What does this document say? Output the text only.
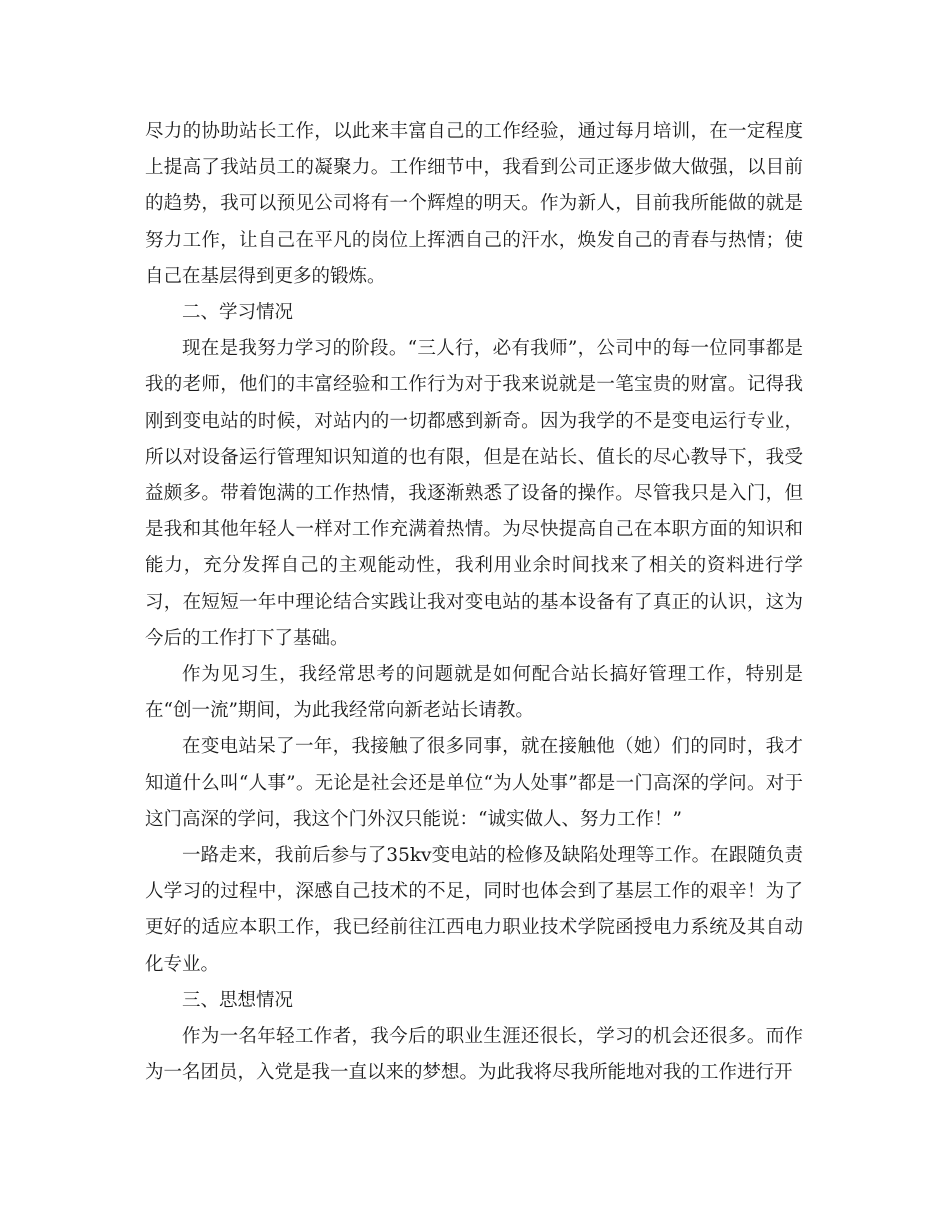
尽力的协助站长工作，以此来丰富自己的工作经验，通过每月培训，在一定程度上提高了我站员工的凝聚力。工作细节中，我看到公司正逐步做大做强，以目前的趋势，我可以预见公司将有一个辉煌的明天。作为新人，目前我所能做的就是努力工作，让自己在平凡的岗位上挥洒自己的汗水，焕发自己的青春与热情；使自己在基层得到更多的锻炼。

二、学习情况

现在是我努力学习的阶段。“三人行，必有我师”，公司中的每一位同事都是我的老师，他们的丰富经验和工作行为对于我来说就是一笔宝贵的财富。记得我刚到变电站的时候，对站内的一切都感到新奇。因为我学的不是变电运行专业，所以对设备运行管理知识知道的也有限，但是在站长、值长的尽心教导下，我受益颇多。带着饱满的工作热情，我逐渐熟悉了设备的操作。尽管我只是入门，但是我和其他年轻人一样对工作充满着热情。为尽快提高自己在本职方面的知识和能力，充分发挥自己的主观能动性，我利用业余时间找来了相关的资料进行学习，在短短一年中理论结合实践让我对变电站的基本设备有了真正的认识，这为今后的工作打下了基础。

作为见习生，我经常思考的问题就是如何配合站长搞好管理工作，特别是在“创一流”期间，为此我经常向新老站长请教。

在变电站呆了一年，我接触了很多同事，就在接触他（她）们的同时，我才知道什么叫“人事”。无论是社会还是单位“为人处事”都是一门高深的学问。对于这门高深的学问，我这个门外汉只能说：“诚实做人、努力工作！”

一路走来，我前后参与了35kv变电站的检修及缺陷处理等工作。在跟随负责人学习的过程中，深感自己技术的不足，同时也体会到了基层工作的艰辛！为了更好的适应本职工作，我已经前往江西电力职业技术学院函授电力系统及其自动化专业。

三、思想情况

作为一名年轻工作者，我今后的职业生涯还很长，学习的机会还很多。而作为一名团员，入党是我一直以来的梦想。为此我将尽我所能地对我的工作进行开
